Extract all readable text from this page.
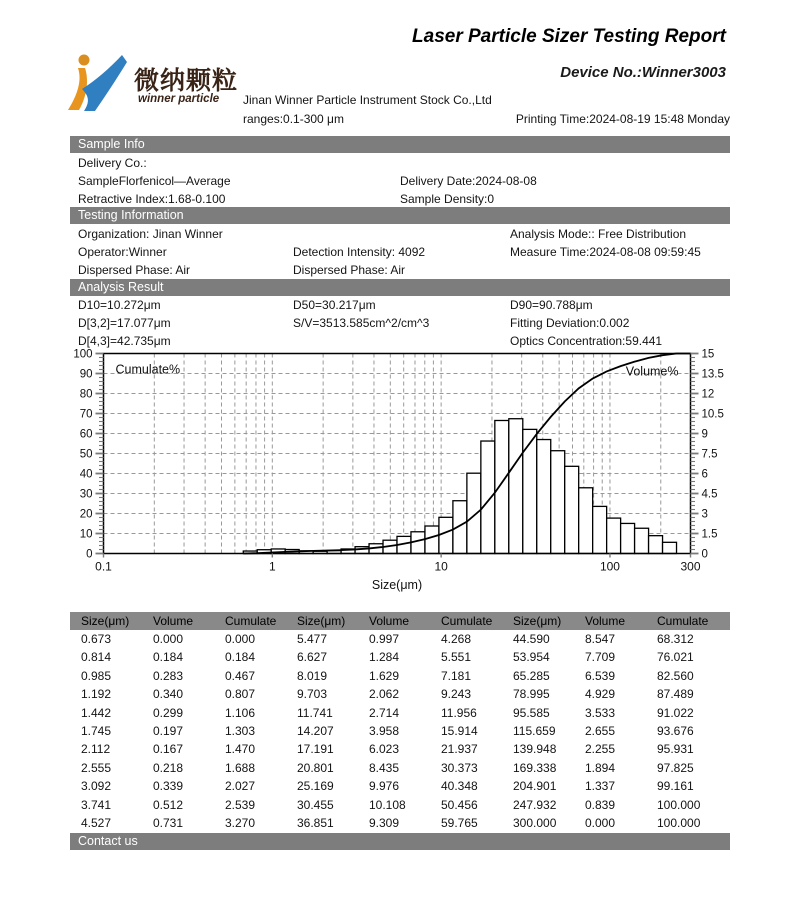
Laser Particle Sizer Testing Report
Device No.:Winner3003
微纳颗粒
winner particle Jinan Winner Particle Instrument Stock Co.,Ltd
ranges:0.1-300 μm	Printing Time:2024-08-19 15:48 Monday
Sample Info
Delivery Co.:
SampleFlorfenicol—Average	Delivery Date:2024-08-08
Retractive Index:1.68-0.100	Sample Density:0
Testing Information
Organization: Jinan Winner	Analysis Mode:: Free Distribution
Operator:Winner	Detection Intensity: 4092	Measure Time:2024-08-08 09:59:45
Dispersed Phase: Air	Dispersed Phase: Air
Analysis Result
D10=10.272μm	D50=30.217μm	D90=90.788μm
D[3,2]=17.077μm	S/V=3513.585cm^2/cm^3	Fitting Deviation:0.002
D[4,3]=42.735μm	Optics Concentration:59.441
0
10
20
30
40
50
60
70
80
90
100
0
1.5
3
4.5
6
7.5
9
10.5
12
13.5
15
0.1	1	10	100	300
Cumulate%	Volume%
Size(μm)
Size(μm)	Volume	Cumulate	Size(μm)	Volume	Cumulate	Size(μm)	Volume	Cumulate
0.673	0.000	0.000	5.477	0.997	4.268	44.590	8.547	68.312
0.814	0.184	0.184	6.627	1.284	5.551	53.954	7.709	76.021
0.985	0.283	0.467	8.019	1.629	7.181	65.285	6.539	82.560
1.192	0.340	0.807	9.703	2.062	9.243	78.995	4.929	87.489
1.442	0.299	1.106	11.741	2.714	11.956	95.585	3.533	91.022
1.745	0.197	1.303	14.207	3.958	15.914	115.659	2.655	93.676
2.112	0.167	1.470	17.191	6.023	21.937	139.948	2.255	95.931
2.555	0.218	1.688	20.801	8.435	30.373	169.338	1.894	97.825
3.092	0.339	2.027	25.169	9.976	40.348	204.901	1.337	99.161
3.741	0.512	2.539	30.455	10.108	50.456	247.932	0.839	100.000
4.527	0.731	3.270	36.851	9.309	59.765	300.000	0.000	100.000
Contact us
